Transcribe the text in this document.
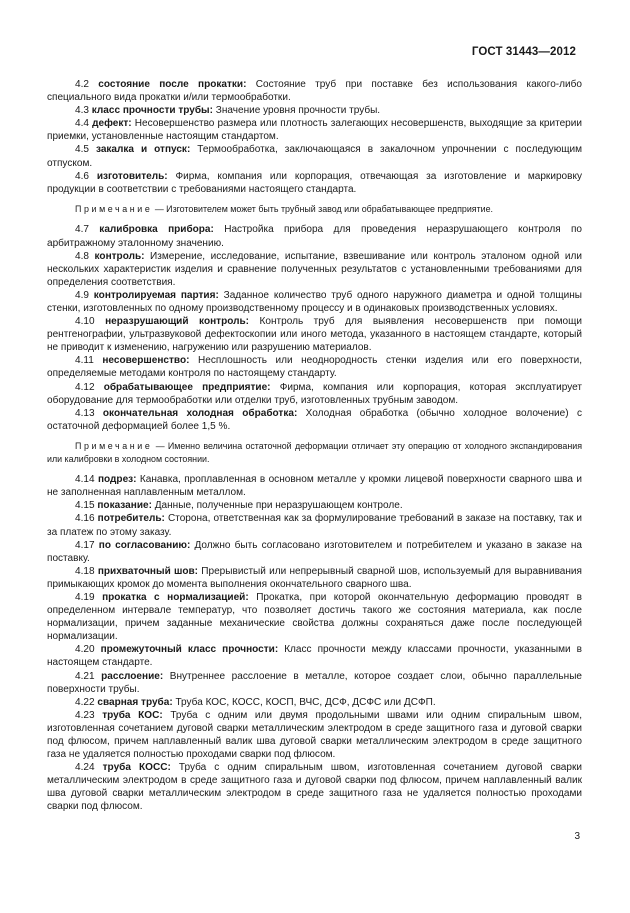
ГОСТ 31443—2012

4.2 состояние после прокатки: Состояние труб при поставке без использования какого-либо специального вида прокатки и/или термообработки.

4.3 класс прочности трубы: Значение уровня прочности трубы.

4.4 дефект: Несовершенство размера или плотность залегающих несовершенств, выходящие за критерии приемки, установленные настоящим стандартом.

4.5 закалка и отпуск: Термообработка, заключающаяся в закалочном упрочнении с последующим отпуском.

4.6 изготовитель: Фирма, компания или корпорация, отвечающая за изготовление и маркировку продукции в соответствии с требованиями настоящего стандарта.

Примечание — Изготовителем может быть трубный завод или обрабатывающее предприятие.

4.7 калибровка прибора: Настройка прибора для проведения неразрушающего контроля по арбитражному эталонному значению.

4.8 контроль: Измерение, исследование, испытание, взвешивание или контроль эталоном одной или нескольких характеристик изделия и сравнение полученных результатов с установленными требованиями для определения соответствия.

4.9 контролируемая партия: Заданное количество труб одного наружного диаметра и одной толщины стенки, изготовленных по одному производственному процессу и в одинаковых производственных условиях.

4.10 неразрушающий контроль: Контроль труб для выявления несовершенств при помощи рентгенографии, ультразвуковой дефектоскопии или иного метода, указанного в настоящем стандарте, который не приводит к изменению, нагружению или разрушению материалов.

4.11 несовершенство: Несплошность или неоднородность стенки изделия или его поверхности, определяемые методами контроля по настоящему стандарту.

4.12 обрабатывающее предприятие: Фирма, компания или корпорация, которая эксплуатирует оборудование для термообработки или отделки труб, изготовленных трубным заводом.

4.13 окончательная холодная обработка: Холодная обработка (обычно холодное волочение) с остаточной деформацией более 1,5 %.

Примечание — Именно величина остаточной деформации отличает эту операцию от холодного экспандирования или калибровки в холодном состоянии.

4.14 подрез: Канавка, проплавленная в основном металле у кромки лицевой поверхности сварного шва и не заполненная наплавленным металлом.

4.15 показание: Данные, полученные при неразрушающем контроле.

4.16 потребитель: Сторона, ответственная как за формулирование требований в заказе на поставку, так и за платеж по этому заказу.

4.17 по согласованию: Должно быть согласовано изготовителем и потребителем и указано в заказе на поставку.

4.18 прихваточный шов: Прерывистый или непрерывный сварной шов, используемый для выравнивания примыкающих кромок до момента выполнения окончательного сварного шва.

4.19 прокатка с нормализацией: Прокатка, при которой окончательную деформацию проводят в определенном интервале температур, что позволяет достичь такого же состояния материала, как после нормализации, причем заданные механические свойства должны сохраняться даже после последующей нормализации.

4.20 промежуточный класс прочности: Класс прочности между классами прочности, указанными в настоящем стандарте.

4.21 расслоение: Внутреннее расслоение в металле, которое создает слои, обычно параллельные поверхности трубы.

4.22 сварная труба: Труба КОС, КОСС, КОСП, ВЧС, ДСФ, ДСФС или ДСФП.

4.23 труба КОС: Труба с одним или двумя продольными швами или одним спиральным швом, изготовленная сочетанием дуговой сварки металлическим электродом в среде защитного газа и дуговой сварки под флюсом, причем наплавленный валик шва дуговой сварки металлическим электродом в среде защитного газа не удаляется полностью проходами сварки под флюсом.

4.24 труба КОСС: Труба с одним спиральным швом, изготовленная сочетанием дуговой сварки металлическим электродом в среде защитного газа и дуговой сварки под флюсом, причем наплавленный валик шва дуговой сварки металлическим электродом в среде защитного газа не удаляется полностью проходами сварки под флюсом.

3
